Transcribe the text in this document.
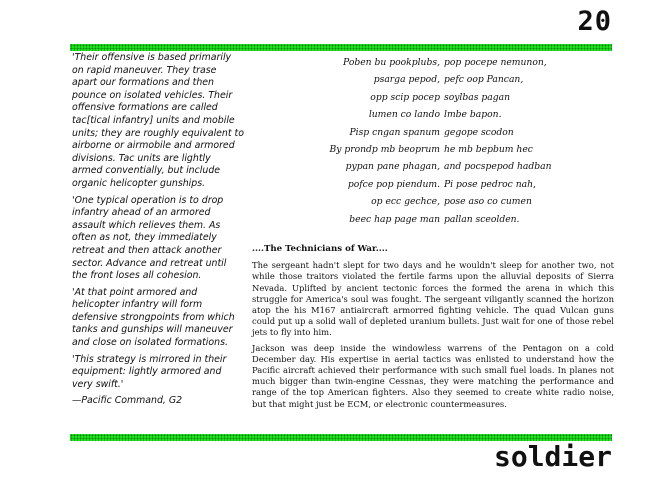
20

'Their offensive is based primarily on rapid maneuver. They trase apart our formations and then pounce on isolated vehicles. Their offensive formations are called tac[tical infantry] units and mobile units; they are roughly equivalent to airborne or airmobile and armored divisions. Tac units are lightly armed conventially, but include organic helicopter gunships.

'One typical operation is to drop infantry ahead of an armored assault which relieves them. As often as not, they immediately retreat and then attack another sector. Advance and retreat until the front loses all cohesion.

'At that point armored and helicopter infantry will form defensive strongpoints from which tanks and gunships will maneuver and close on isolated formations.

'This strategy is mirrored in their equipment: lightly armored and very swift.'

—Pacific Command, G2

Poben bu pookplubs,
psarga pepod,
opp scip pocep
lumen co lando
Pisp cngan spanum
By prondp mb beoprum
pypan pane phagan,
pofce pop piendum.
op ecc gechce,
beec hap page man
pop pocepe nemunon,
pefc oop Pancan,
soylbas pagan
lmbe bapon.
gegope scodon
he mb bepbum hec
and pocspepod hadban
Pi pose pedroc nah,
pose aso co cumen
pallan sceolden.
....The Technicians of War....

The sergeant hadn't slept for two days and he wouldn't sleep for another two, not while those traitors violated the fertile farms upon the alluvial deposits of Sierra Nevada. Uplifted by ancient tectonic forces the formed the arena in which this struggle for America's soul was fought. The sergeant viligantly scanned the horizon atop the his M167 antiaircraft armorred fighting vehicle. The quad Vulcan guns could put up a solid wall of depleted uranium bullets. Just wait for one of those rebel jets to fly into him.

Jackson was deep inside the windowless warrens of the Pentagon on a cold December day. His expertise in aerial tactics was enlisted to understand how the Pacific aircraft achieved their performance with such small fuel loads. In planes not much bigger than twin-engine Cessnas, they were matching the performance and range of the top American fighters. Also they seemed to create white radio noise, but that might just be ECM, or electronic countermeasures.

soldier
